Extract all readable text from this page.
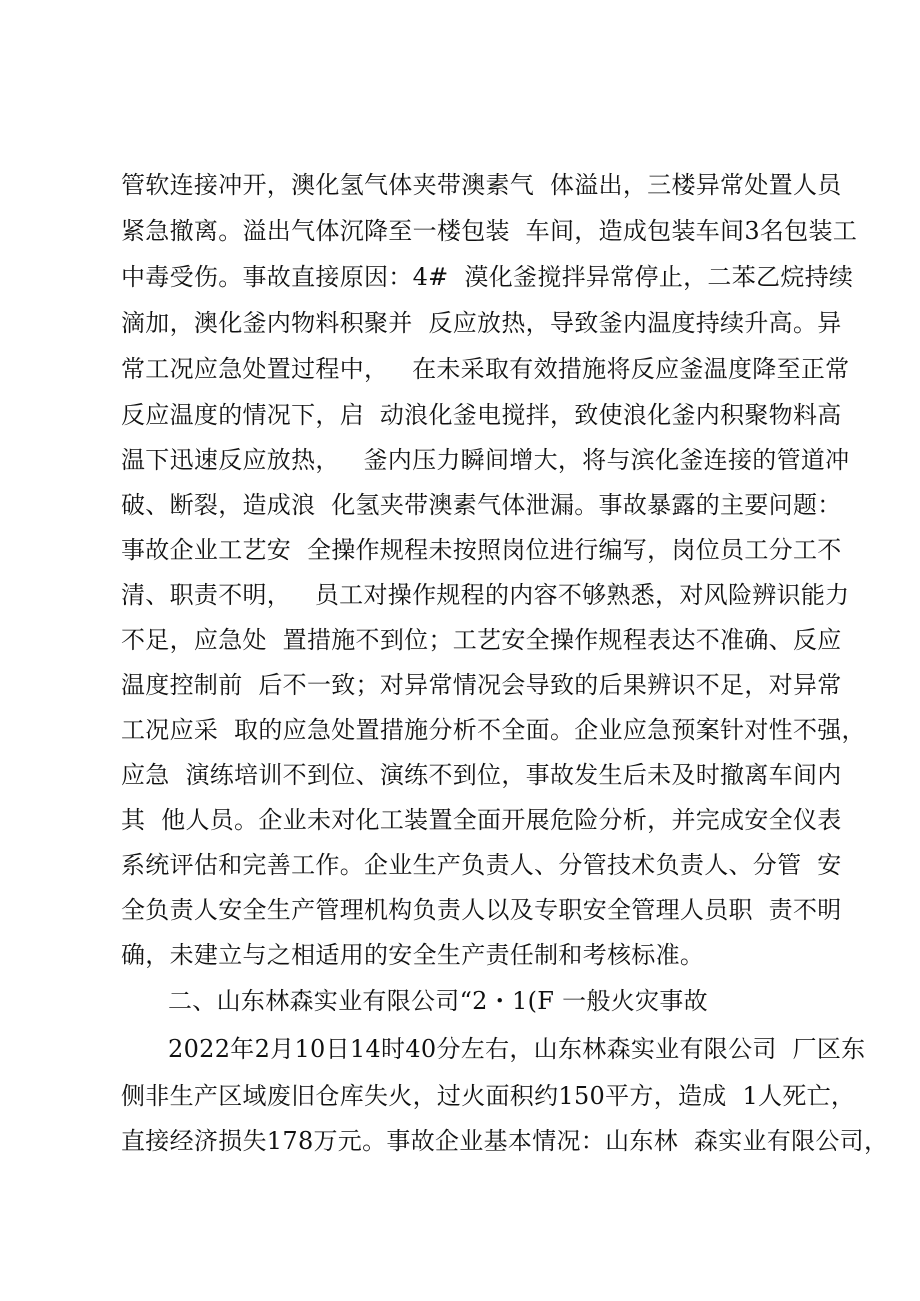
管软连接冲开，澳化氢气体夹带澳素气  体溢出，三楼异常处置人员
紧急撤离。溢出气体沉降至一楼包装  车间，造成包装车间3名包装工
中毒受伤。事故直接原因：4#  漠化釜搅拌异常停止，二苯乙烷持续
滴加，澳化釜内物料积聚并  反应放热，导致釜内温度持续升高。异
常工况应急处置过程中，   在未采取有效措施将反应釜温度降至正常
反应温度的情况下，启  动浪化釜电搅拌，致使浪化釜内积聚物料高
温下迅速反应放热，   釜内压力瞬间增大，将与滨化釜连接的管道冲
破、断裂，造成浪  化氢夹带澳素气体泄漏。事故暴露的主要问题：
事故企业工艺安  全操作规程未按照岗位进行编写，岗位员工分工不
清、职责不明，   员工对操作规程的内容不够熟悉，对风险辨识能力
不足，应急处  置措施不到位；工艺安全操作规程表达不准确、反应
温度控制前  后不一致；对异常情况会导致的后果辨识不足，对异常
工况应采  取的应急处置措施分析不全面。企业应急预案针对性不强，
应急  演练培训不到位、演练不到位，事故发生后未及时撤离车间内
其  他人员。企业未对化工装置全面开展危险分析，并完成安全仪表
系统评估和完善工作。企业生产负责人、分管技术负责人、分管  安
全负责人安全生产管理机构负责人以及专职安全管理人员职  责不明
确，未建立与之相适用的安全生产责任制和考核标准。
二、山东林森实业有限公司“2・1(F 一般火灾事故
2022年2月10日14时40分左右，山东林森实业有限公司  厂区东
侧非生产区域废旧仓库失火，过火面积约150平方，造成  1人死亡，
直接经济损失178万元。事故企业基本情况：山东林  森实业有限公司，
